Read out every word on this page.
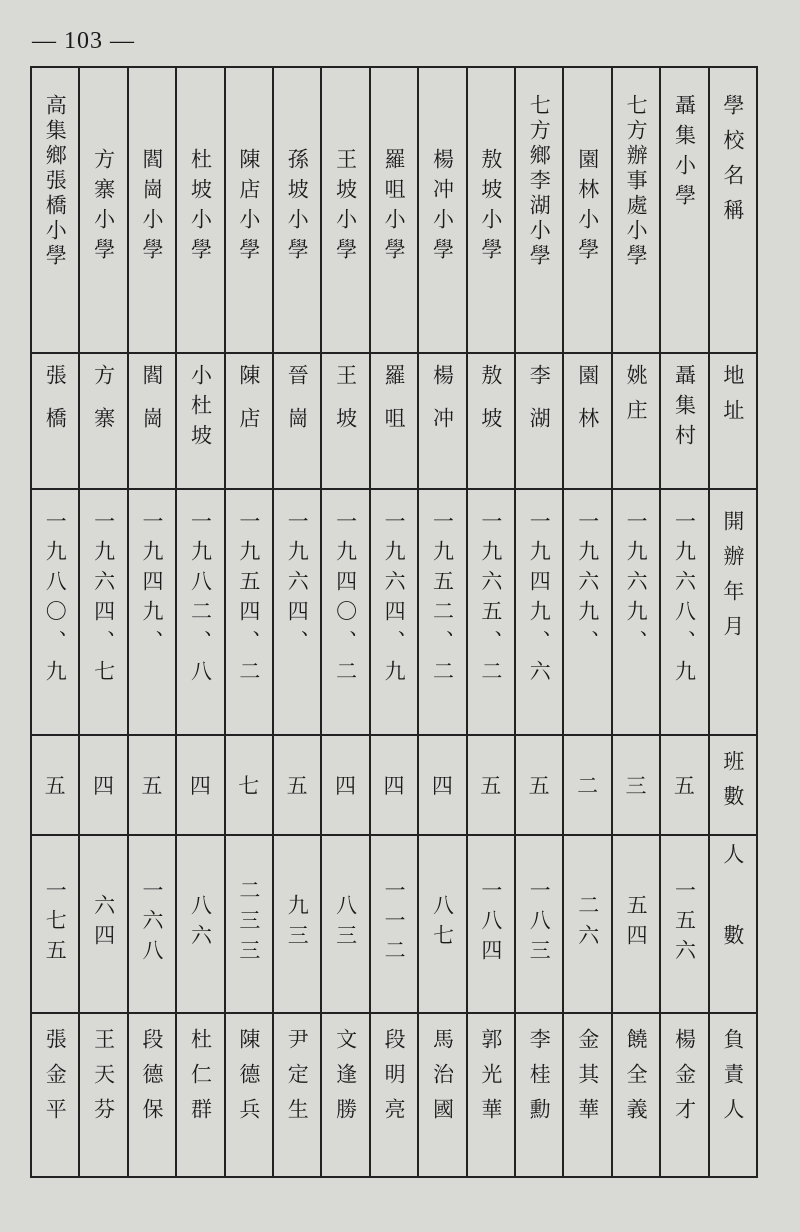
— 103 —
學校名稱
地址
開辦年月
班數
人數
負責人
聶集小學
聶集村
一九六八、九
五
一五六
楊金才
七方辦事處小學
姚庄
一九六九、
三
五四
饒全義
園林小學
園林
一九六九、
二
二六
金其華
七方鄉李湖小學
李湖
一九四九、六
五
一八三
李桂勳
敖坡小學
敖坡
一九六五、二
五
一八四
郭光華
楊冲小學
楊冲
一九五二、二
四
八七
馬治國
羅咀小學
羅咀
一九六四、九
四
一一二
段明亮
王坡小學
王坡
一九四〇、二
四
八三
文逢勝
孫坡小學
晉崗
一九六四、
五
九三
尹定生
陳店小學
陳店
一九五四、二
七
二三三
陳德兵
杜坡小學
小杜坡
一九八二、八
四
八六
杜仁群
閻崗小學
閻崗
一九四九、
五
一六八
段德保
方寨小學
方寨
一九六四、七
四
六四
王天芬
高集鄉張橋小學
張橋
一九八〇、九
五
一七五
張金平
